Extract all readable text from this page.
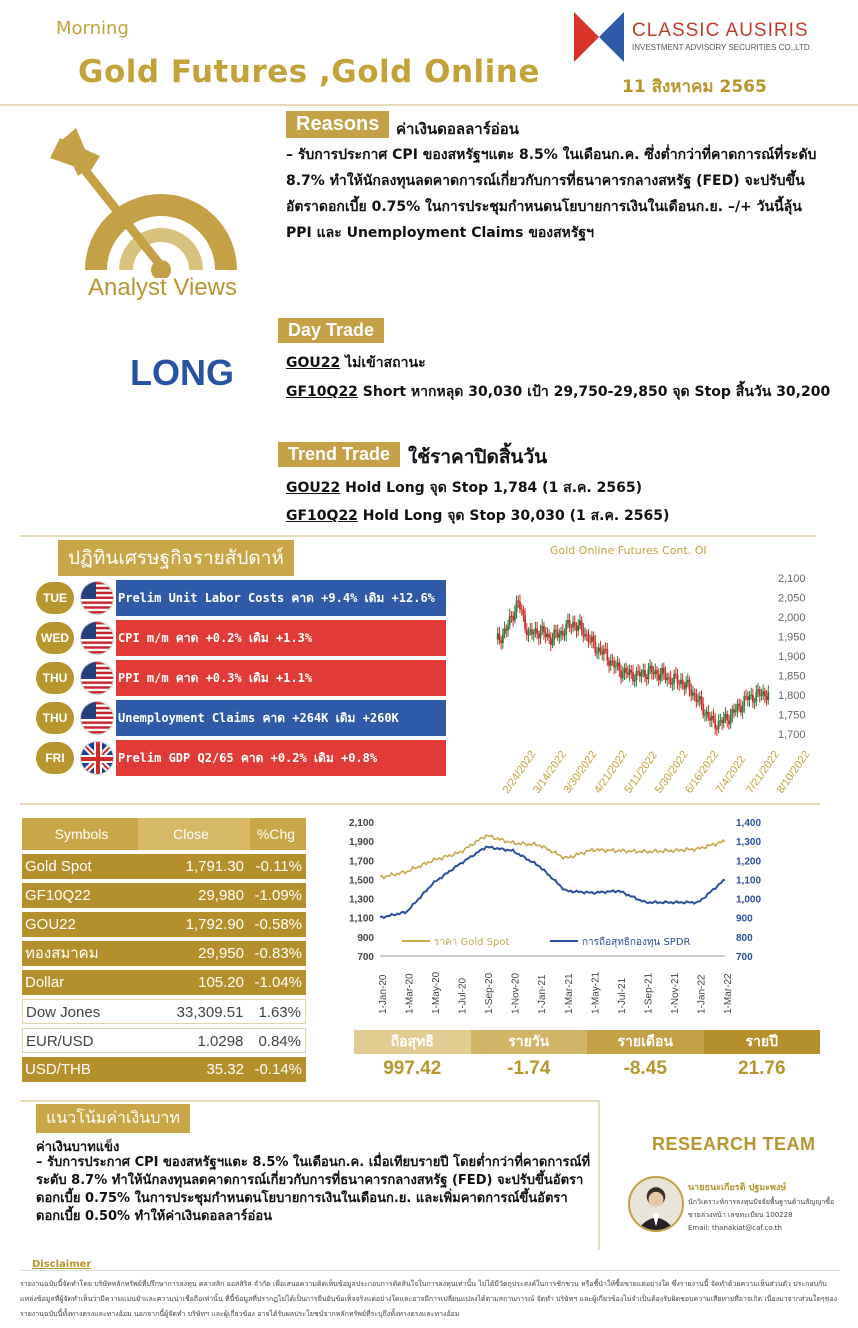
Morning
Gold Futures ,Gold Online
CLASSIC AUSIRIS
INVESTMENT ADVISORY SECURITIES CO.,LTD.
11 สิงหาคม 2565
Analyst Views
LONG
Reasons	ค่าเงินดอลลาร์อ่อน
– รับการประกาศ CPI ของสหรัฐฯแตะ 8.5% ในเดือนก.ค. ซึ่งต่ำกว่าที่คาดการณ์ที่ระดับ 8.7% ทำให้นักลงทุนลดคาดการณ์เกี่ยวกับการที่ธนาคารกลางสหรัฐ (FED) จะปรับขึ้นอัตราดอกเบี้ย 0.75% ในการประชุมกำหนดนโยบายการเงินในเดือนก.ย. –/+ วันนี้ลุ้น PPI และ Unemployment Claims ของสหรัฐฯ
Day Trade
GOU22 ไม่เข้าสถานะ
GF10Q22 Short หากหลุด 30,030 เป้า 29,750-29,850 จุด Stop สิ้นวัน 30,200
Trend Trade ใช้ราคาปิดสิ้นวัน
GOU22 Hold Long จุด Stop 1,784 (1 ส.ค. 2565)
GF10Q22 Hold Long จุด Stop 30,030 (1 ส.ค. 2565)
ปฏิทินเศรษฐกิจรายสัปดาห์
TUE	Prelim Unit Labor Costs คาด +9.4% เดิม +12.6%
WED	CPI m/m คาด +0.2% เดิม +1.3%
THU	PPI m/m คาด +0.3% เดิม +1.1%
THU	Unemployment Claims คาด +264K เดิม +260K
FRI	Prelim GDP Q2/65 คาด +0.2% เดิม +0.8%
Gold Online Futures Cont. OI
2,100
2,050
2,000
1,950
1,900
1,850
1,800
1,750
1,700
2/24/2022
3/14/2022
3/30/2022
4/21/2022
5/11/2022
5/30/2022
6/16/2022
7/4/2022
7/21/2022
8/10/2022
Symbols	Close	%Chg
Gold Spot	1,791.30 -0.11%
GF10Q22	29,980 -1.09%
GOU22	1,792.90 -0.58%
ทองสมาคม	29,950 -0.83%
Dollar	105.20 -1.04%
Dow Jones	33,309.51	1.63%
EUR/USD	1.0298	0.84%
USD/THB	35.32 -0.14%
2,100
1,900
1,700
1,500
1,300
1,100
900
700
1,400
1,300
1,200
1,100
1,000
900
800
700
ราคา Gold Spot	การถือสุทธิกองทุน SPDR
1-Jan-20 1-Mar-20 1-May-20 1-Jul-20 1-Sep-20 1-Nov-20 1-Jan-21 1-Mar-21 1-May-21 1-Jul-21 1-Sep-21 1-Nov-21 1-Jan-22 1-Mar-22
ถือสุทธิ	รายวัน	รายเดือน	รายปี
997.42	-1.74	-8.45	21.76
แนวโน้มค่าเงินบาท
ค่าเงินบาทแข็ง
– รับการประกาศ CPI ของสหรัฐฯแตะ 8.5% ในเดือนก.ค. เมื่อเทียบรายปี โดยต่ำกว่าที่คาดการณ์ที่ระดับ 8.7% ทำให้นักลงทุนลดคาดการณ์เกี่ยวกับการที่ธนาคารกลางสหรัฐ (FED) จะปรับขึ้นอัตราดอกเบี้ย 0.75% ในการประชุมกำหนดนโยบายการเงินในเดือนก.ย. และเพิ่มคาดการณ์ขึ้นอัตราดอกเบี้ย 0.50% ทำให้ค่าเงินดอลลาร์อ่อน
RESEARCH TEAM
นายธนะเกียรติ ปฐมะพงษ์
นักวิเคราะห์การลงทุนปัจจัยพื้นฐานด้านสัญญาซื้อ
ขายล่วงหน้า เลขทะเบียน 100228
Email: thanakiat@caf.co.th
Disclaimer
รายงานฉบับนี้จัดทำโดย บริษัทหลักทรัพย์ที่ปรึกษาการลงทุน คลาสสิก ออสสิริส จำกัด เพื่อเสนอความคิดเห็นข้อมูลประกอบการตัดสินใจในการลงทุนเท่านั้น ไม่ได้มีวัตถุประสงค์ในการชักชวน หรือชี้นำให้ซื้อขายแต่อย่างใด ซึ่งรายงานนี้ จัดทำด้วยความเห็นส่วนตัว ประกอบกับแหล่งข้อมูลที่ผู้จัดทำเห็นว่ามีความแม่นยำและความน่าเชื่อถือเท่านั้น ที่นี้ข้อมูลที่ปรากฏไม่ได้เป็นการยืนยันข้อเท็จจริงแต่อย่างใดและอาจมีการเปลี่ยนแปลงได้ตามสถานการณ์ จัดทำ บริษัทฯ และผู้เกี่ยวข้องไม่จำเป็นต้องรับผิดชอบความเสียหายที่อาจเกิด เนื่องมาจากส่วนใดๆของรายงานฉบับนี้ทั้งทางตรงและทางอ้อม นอกจากนี้ผู้จัดทำ บริษัทฯ และผู้เกี่ยวข้อง อาจได้รับผลประโยชน์จากหลักทรัพย์ที่ระบุถึงทั้งทางตรงและทางอ้อม
